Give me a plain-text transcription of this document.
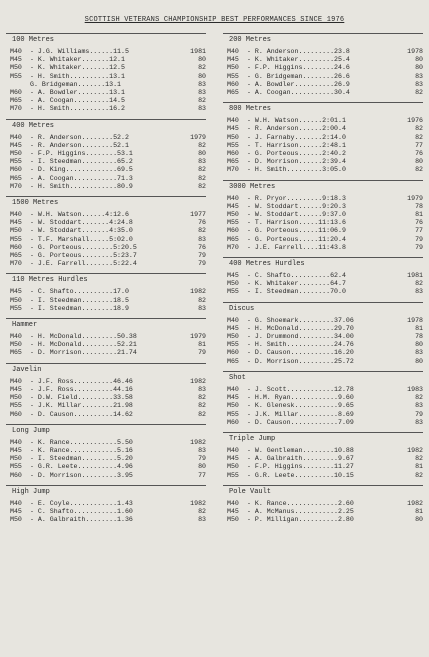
SCOTTISH VETERANS CHAMPIONSHIP BEST PERFORMANCES SINCE 1976
100 Metres
M40	- J.G. Williams......11.5	1981
M45	- K. Whitaker.......12.1	80
M50	- K. Whitaker.......12.5	82
M55	- H. Smith..........13.1	80
G. Bridgeman.......13.1	83
M60	- A. Bowdler........13.1	83
M65	- A. Coogan.........14.5	82
M70	- H. Smith..........16.2	83
400 Metres
M40	- R. Anderson........52.2	1979
M45	- R. Anderson........52.1	82
M50	- F.P. Higgins........53.1	80
M55	- I. Steedman.........65.2	83
M60	- D. King.............69.5	82
M65	- A. Coogan...........71.3	82
M70	- H. Smith............80.9	82
1500 Metres
M40	- W.H. Watson......4:12.6	1977
M45	- W. Stoddart.......4:24.8	76
M50	- W. Stoddart.......4:35.0	82
M55	- T.F. Marshall.....5:02.0	83
M60	- G. Porteous........5:20.5	76
M65	- G. Porteous........5:23.7	79
M70	- J.E. Farrell.......5:22.4	79
110 Metres Hurdles
M45	- C. Shafto..........17.0	1982
M50	- I. Steedman........18.5	82
M55	- I. Steedman........18.9	83
Hammer
M40	- H. McDonald.........50.38	1979
M50	- H. McDonald.........52.21	81
M65	- D. Morrison.........21.74	79
Javelin
M40	- J.F. Ross..........46.46	1982
M45	- J.F. Ross..........44.16	83
M50	- D.W. Field.........33.58	82
M55	- J.K. Millar........21.98	82
M60	- D. Causon..........14.62	82
Long Jump
M40	- K. Rance............5.50	1982
M45	- K. Rance............5.16	83
M50	- I. Steedman.........5.20	79
M55	- G.R. Leete..........4.96	80
M60	- D. Morrison.........3.95	77
High Jump
M40	- E. Coyle............1.43	1982
M45	- C. Shafto...........1.60	82
M50	- A. Galbraith........1.36	83
200 Metres
M40	- R. Anderson.........23.8	1978
M45	- K. Whitaker.........25.4	80
M50	- F.P. Higgins........24.6	80
M55	- G. Bridgeman........26.6	83
M60	- A. Bowdler..........26.9	83
M65	- A. Coogan...........30.4	82
800 Metres
M40	- W.H. Watson......2:01.1	1976
M45	- R. Anderson......2:00.4	82
M50	- J. Farnaby.......2:14.0	82
M55	- T. Harrison......2:48.1	77
M60	- G. Porteous......2:40.2	76
M65	- D. Morrison......2:39.4	80
M70	- H. Smith.........3:05.0	82
3000 Metres
M40	- R. Pryor.........9:18.3	1979
M45	- W. Stoddart......9:20.3	78
M50	- W. Stoddart......9:37.0	81
M55	- T. Harrison.....11:13.6	76
M60	- G. Porteous.....11:06.9	77
M65	- G. Porteous.....11:20.4	79
M70	- J.E. Farrell....11:43.8	79
400 Metres Hurdles
M45	- C. Shafto..........62.4	1981
M50	- K. Whitaker........64.7	82
M55	- I. Steedman........70.0	83
Discus
M40	- G. Shoemark.........37.06	1978
M45	- H. McDonald.........29.70	81
M50	- J. Drummond.........34.00	78
M55	- H. Smith............24.76	80
M60	- D. Causon...........16.20	83
M65	- D. Morrison.........25.72	80
Shot
M40	- J. Scott............12.78	1983
M45	- H.M. Ryan............9.60	82
M50	- K. Glenesk...........9.65	83
M55	- J.K. Millar..........8.69	79
M60	- D. Causon............7.09	83
Triple Jump
M40	- W. Gentleman........10.88	1982
M45	- A. Galbraith.........9.67	82
M50	- F.P. Higgins........11.27	81
M55	- G.R. Leete..........10.15	82
Pole Vault
M40	- K. Rance.............2.60	1982
M45	- A. McManus...........2.25	81
M50	- P. Milligan..........2.80	80
